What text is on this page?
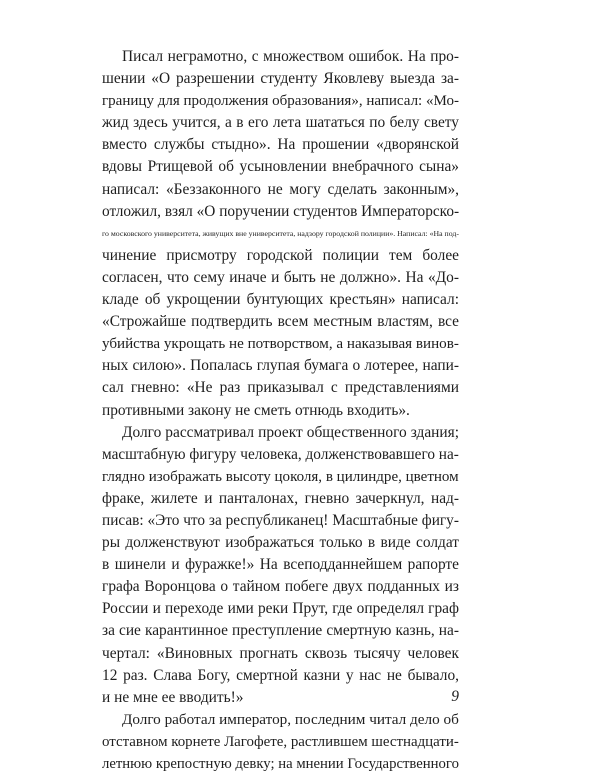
Писал неграмотно, с множеством ошибок. На про-
шении «О разрешении студенту Яковлеву выезда за-
границу для продолжения образования», написал: «Мо-
жид здесь учится, а в его лета шататься по белу свету
вместо службы стыдно». На прошении «дворянской
вдовы Ртищевой об усыновлении внебрачного сына»
написал: «Беззаконного не могу сделать законным»,
отложил, взял «О поручении студентов Императорско-
го московского университета, живущих вне университета, надзору городской полиции». Написал: «На под-
чинение присмотру городской полиции тем более
согласен, что сему иначе и быть не должно». На «До-
кладе об укрощении бунтующих крестьян» написал:
«Строжайше подтвердить всем местным властям, все
убийства укрощать не потворством, а наказывая винов-
ных силою». Попалась глупая бумага о лотерее, напи-
сал гневно: «Не раз приказывал с представлениями
противными закону не сметь отнюдь входить».
Долго рассматривал проект общественного здания;
масштабную фигуру человека, долженствовавшего на-
глядно изображать высоту цоколя, в цилиндре, цветном
фраке, жилете и панталонах, гневно зачеркнул, над-
писав: «Это что за республиканец! Масштабные фигу-
ры долженствуют изображаться только в виде солдат
в шинели и фуражке!» На всеподданнейшем рапорте
графа Воронцова о тайном побеге двух подданных из
России и переходе ими реки Прут, где определял граф
за сие карантинное преступление смертную казнь, на-
чертал: «Виновных прогнать сквозь тысячу человек
12 раз. Слава Богу, смертной казни у нас не бывало,
и не мне ее вводить!»
Долго работал император, последним читал дело об
отставном корнете Лагофете, растлившем шестнадцати-
летнюю крепостную девку; на мнении Государственного
9
